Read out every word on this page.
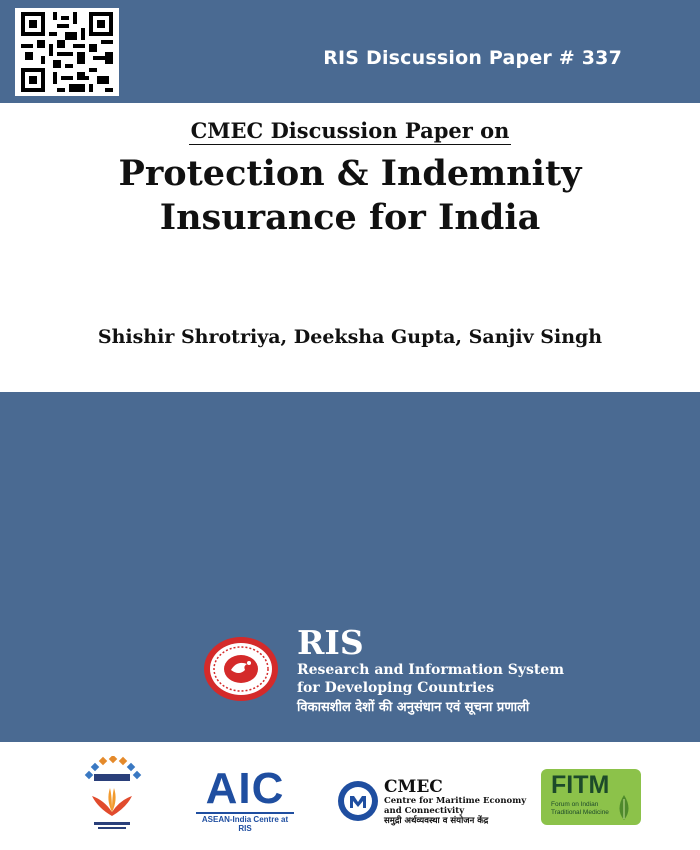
RIS Discussion Paper # 337
CMEC Discussion Paper on
Protection & Indemnity
Insurance for India
Shishir Shrotriya, Deeksha Gupta, Sanjiv Singh
RIS
Research and Information System
for Developing Countries
विकासशील देशों की अनुसंधान एवं सूचना प्रणाली
AIC
ASEAN-India Centre at RIS
CMEC
Centre for Maritime Economy
and Connectivity
समुद्री अर्थव्यवस्था व संयोजन केंद्र
FITM
Forum on Indian Traditional Medicine
